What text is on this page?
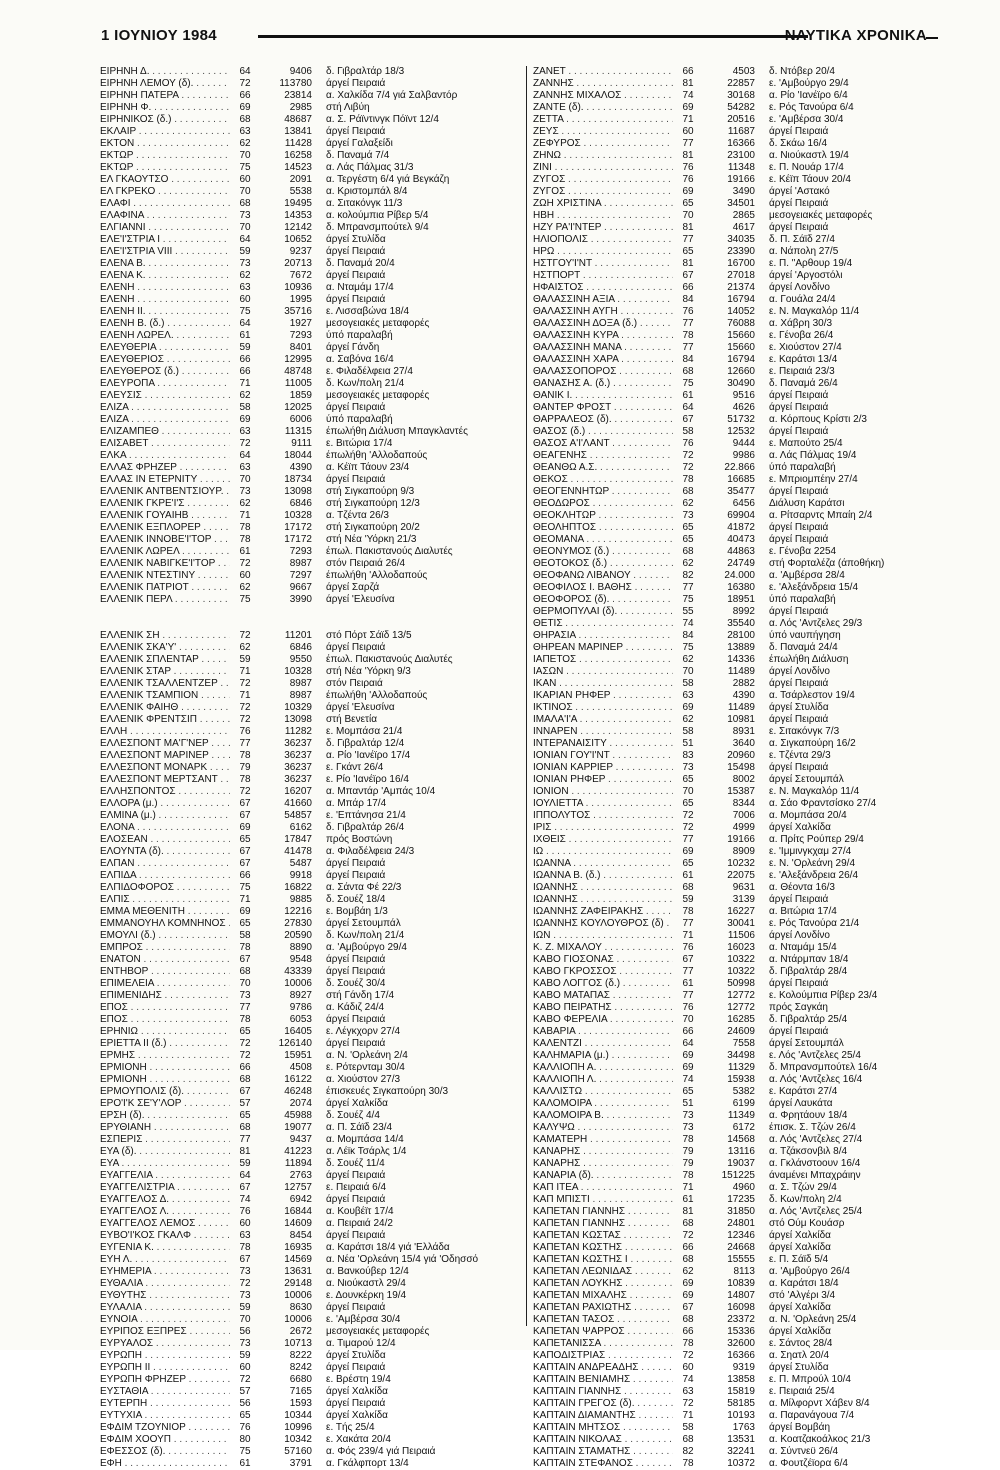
1 ΙΟΥΝΙΟΥ 1984	ΝΑΥΤΙΚΑ ΧΡΟΝΙΚΑ
ΕΙΡΗΝΗ Δ. . . .	64	9406	δ. Γιβραλτάρ 18/3
ΕΙΡΗΝΗ ΛΕΜΟΥ (δ). . . .	72	113780	άργεί Πειραιά
ΕΙΡΗΝΗ ΠΑΤΕΡΑ . . .	66	23814	α. Χαλκίδα 7/4 γιά Σαλβαντόρ
ΕΙΡΗΝΗ Φ. . . .	69	2985	στή Λιβύη
ΕΙΡΗΝΙΚΟΣ (δ.) . . .	68	48687	α. Σ. Ράϊντινγκ Πόϊντ 12/4
ΕΚΛΑΙΡ . . .	63	13841	άργεί Πειραιά
ΕΚΤΟΝ . . .	62	11428	άργεί Γαλαξείδι
ΕΚΤΩΡ . . .	70	16258	δ. Παναμά 7/4
ΕΚΤΩΡ . . .	75	14523	α. Λάς Πάλμας 31/3
ΕΛ ΓΚΑΟΥΤΣΟ . . .	60	2091	α. Τεργέστη 6/4 γιά Βεγκάζη
ΕΛ ΓΚΡΕΚΟ . . .	70	5538	α. Κριστομπάλ 8/4
ΕΛΑΦΙ . . .	68	19495	α. Σιτακόνγκ 11/3
ΕΛΑΦΙΝΑ . . .	73	14353	α. κολούμπια Ρίβερ 5/4
ΕΛΓΙΑΝΝΙ . . .	70	12142	δ. Μπρανσμπούτελ 9/4
ΕΛΕ'Ι'ΣΤΡΙΑ Ι . . .	64	10652	άργεί Στυλίδα
ΕΛΕ'Ι'ΣΤΡΙΑ VIII . . .	59	9237	άργεί Πειραιά
ΕΛΕΝΑ Β. . . .	73	20713	δ. Παναμά 20/4
ΕΛΕΝΑ Κ. . . .	62	7672	άργεί Πειραιά
ΕΛΕΝΗ . . .	63	10936	α. Νταμάμ 17/4
ΕΛΕΝΗ . . .	60	1995	άργεί Πειραιά
ΕΛΕΝΗ ΙΙ. . . .	75	35716	ε. Λισσαβώνα 18/4
ΕΛΕΝΗ Β. (δ.) . . .	64	1927	μεσογειακές μεταφορές
ΕΛΕΝΗ ΛΩΡΕΛ. . . .	61	7293	ύπό παραλαβή
ΕΛΕΥΘΕΡΙΑ . . .	59	8401	άργεί Γάνδη
ΕΛΕΥΘΕΡΙΟΣ . . .	66	12995	α. Σαβόνα 16/4
ΕΛΕΥΘΕΡΟΣ (δ.) . . .	66	48748	ε. Φιλαδέλφεια 27/4
ΕΛΕΥΡΟΠΑ . . .	71	11005	δ. Κων/πολη 21/4
ΕΛΕΥΣΙΣ . . .	62	1859	μεσογειακές μεταφορές
ΕΛΙΖΑ . . .	58	12025	άργεί Πειραιά
ΕΛΙΖΑ . . .	69	6006	ύπό παραλαβή
ΕΛΙΖΑΜΠΕΘ . . .	63	11315	έπωλήθη Διάλυση Μπαγκλαντές
ΕΛΙΣΑΒΕΤ . . .	72	9111	ε. Βιτώρια 17/4
ΕΛΚΑ . . .	64	18044	έπωλήθη 'Αλλοδαπούς
ΕΛΛΑΣ ΦΡΗΖΕΡ . . .	63	4390	α. Κέϊπ Τάουν 23/4
ΕΛΛΑΣ ΙΝ ΕΤΕΡΝΙΤΥ . . .	70	18734	άργεί Πειραιά
ΕΛΛΕΝΙΚ ΑΝΤΒΕΝΤΣΙΟΥΡ. . . .	73	13098	στή Σιγκαπούρη 9/3
ΕΛΛΕΝΙΚ ΓΚΡΕ'Ι'Σ . . .	62	6846	στή Σιγκαπούρη 12/3
ΕΛΛΕΝΙΚ ΓΟΥΑΙΗΒ . . .	71	10328	α. Τζέντα 26/3
ΕΛΛΕΝΙΚ ΕΞΠΛΟΡΕΡ . . .	78	17172	στή Σιγκαπούρη 20/2
ΕΛΛΕΝΙΚ ΙΝΝΟΒΕ'Ι'ΤΟΡ . . .	78	17172	στή Νέα 'Υόρκη 21/3
ΕΛΛΕΝΙΚ ΛΩΡΕΛ . . .	61	7293	έπωλ. Πακιστανούς Διαλυτές
ΕΛΛΕΝΙΚ ΝΑΒΙΓΚΕ'Ι'ΤΟΡ . . .	72	8987	στόν Πειραιά 26/4
ΕΛΛΕΝΙΚ ΝΤΕΣΤΙΝΥ . . .	60	7297	έπωλήθη 'Αλλοδαπούς
ΕΛΛΕΝΙΚ ΠΑΤΡΙΟΤ . . .	62	9667	άργεί Σαρζά
ΕΛΛΕΝΙΚ ΠΕΡΛ . . .	75	3990	άργεί 'Ελευσίνα
ΕΛΛΕΝΙΚ ΣΗ . . .	72	11201	στό Πόρτ Σάϊδ 13/5
ΕΛΛΕΝΙΚ ΣΚΑ'Υ' . . .	62	6846	άργεί Πειραιά
ΕΛΛΕΝΙΚ ΣΠΛΕΝΤΑΡ . . .	59	9550	έπωλ. Πακιστανούς Διαλυτές
ΕΛΛΕΝΙΚ ΣΤΑΡ . . .	71	10328	στή Νέα 'Υόρκη 9/3
ΕΛΛΕΝΙΚ ΤΣΑΛΛΕΝΤΖΕΡ . . .	72	8987	στόν Πειραιά
ΕΛΛΕΝΙΚ ΤΣΑΜΠΙΟΝ . . .	71	8987	έπωλήθη 'Αλλοδαπούς
ΕΛΛΕΝΙΚ ΦΑΙΗΘ . . .	72	10329	άργεί 'Ελευσίνα
ΕΛΛΕΝΙΚ ΦΡΕΝΤΣΙΠ . . .	72	13098	στή Βενετία
ΕΛΛΗ . . .	76	11282	ε. Μομπάσα 21/4
ΕΛΛΕΣΠΟΝΤ ΜΑ'Γ'ΝΕΡ . . .	77	36237	δ. Γιβραλτάρ 12/4
ΕΛΛΕΣΠΟΝΤ ΜΑΡΙΝΕΡ . . .	78	36237	α. Ρίο 'Ιανέϊρο 17/4
ΕΛΛΕΣΠΟΝΤ ΜΟΝΑΡΚ . . .	79	36237	ε. Γκάντ 26/4
ΕΛΛΕΣΠΟΝΤ ΜΕΡΤΣΑΝΤ . . .	78	36237	ε. Ρίο 'Ιανέϊρο 16/4
ΕΛΛΗΣΠΟΝΤΟΣ . . .	72	16207	α. Μπαντάρ 'Αμπάς 10/4
ΕΛΛΟΡΑ (μ.) . . .	67	41660	α. Μπάρ 17/4
ΕΛΜΙΝΑ (μ.) . . .	67	54857	ε. 'Επτάνησα 21/4
ΕΛΟΝΑ . . .	69	6162	δ. Γιβραλτάρ 26/4
ΕΛΟΣΕΑΝ . . .	65	17847	πρός Βοστώνη
ΕΛΟΥΝΤΑ (δ). . . .	67	41478	α. Φιλαδέλφεια 24/3
ΕΛΠΑΝ . . .	67	5487	άργεί Πειραιά
ΕΛΠΙΔΑ . . .	66	9918	άργεί Πειραιά
ΕΛΠΙΔΟΦΟΡΟΣ . . .	75	16822	α. Σάντα Φέ 22/3
ΕΛΠΙΣ . . .	71	9885	δ. Σουέζ 18/4
ΕΜΜΑ ΜΕΘΕΝΙΤΗ . . .	69	12216	ε. Βομβάη 1/3
ΕΜΜΑΝΟΥΗΛ ΚΟΜΝΗΝΟΣ . . .	65	27830	άργεί Σετουμπάλ
ΕΜΟΥΛΙ (δ.) . . .	58	20590	δ. Κων/πολη 21/4
ΕΜΠΡΟΣ . . .	78	8890	α. 'Αμβούργο 29/4
ΕΝΑΤΟΝ . . .	67	9548	άργεί Πειραιά
ΕΝΤΗΒΟΡ . . .	68	43339	άργεί Πειραιά
ΕΠΙΜΕΛΕΙΑ . . .	70	10006	δ. Σουέζ 30/4
ΕΠΙΜΕΝΙΔΗΣ . . .	73	8927	στή Γάνδη 17/4
ΕΠΟΣ . . .	77	9786	α. Κάδιζ 24/4
ΕΠΟΣ . . .	78	6053	άργεί Πειραιά
ΕΡΗΝΙΩ . . .	65	16405	ε. Λέγκχορν 27/4
ΕΡΙΕΤΤΑ ΙΙ (δ.) . . .	72	126140	άργεί Πειραιά
ΕΡΜΗΣ . . .	72	15951	α. Ν. 'Ορλεάνη 2/4
ΕΡΜΙΟΝΗ . . .	66	4508	ε. Ρότερνταμ 30/4
ΕΡΜΙΟΝΗ . . .	68	16122	α. Χιούστον 27/3
ΕΡΜΟΥΠΟΛΙΣ (δ). . . .	67	46248	έπισκευές Σιγκαπούρη 30/3
ΕΡΟ'Ι'Κ ΣΕ'Υ'ΛΟΡ . . .	57	2074	άργεί Χαλκίδα
ΕΡΣΗ (δ). . . .	65	45988	δ. Σουέζ 4/4
ΕΡΥΘΙΑΝΗ . . .	68	19077	α. Π. Σάϊδ 23/4
ΕΣΠΕΡΙΣ . . .	77	9437	α. Μομπάσα 14/4
ΕΥΑ (δ). . . .	81	41223	α. Λέϊκ Τσάρλς 1/4
ΕΥΑ . . .	59	11894	δ. Σουέζ 11/4
ΕΥΑΓΓΕΛΙΑ . . .	64	2763	άργεί Πειραιά
ΕΥΑΓΓΕΛΙΣΤΡΙΑ . . .	67	12757	ε. Πειραιά 6/4
ΕΥΑΓΓΕΛΟΣ Δ. . . .	74	6942	άργεί Πειραιά
ΕΥΑΓΓΕΛΟΣ Λ. . . .	76	16844	α. Κουβέϊτ 17/4
ΕΥΑΓΓΕΛΟΣ ΛΕΜΟΣ . . .	60	14609	α. Πειραιά 24/2
ΕΥΒΟ'Ι'ΚΟΣ ΓΚΑΛΦ . . .	63	8454	άργεί Πειραιά
ΕΥΓΕΝΙΑ Κ. . . .	78	16935	α. Καράτσι 18/4 γιά 'Ελλάδα
ΕΥΗ Λ. . . .	67	14569	α. Νέα 'Ορλεάνη 15/4 γιά 'Οδησσό
ΕΥΗΜΕΡΙΑ . . .	73	13631	α. Βανκούβερ 12/4
ΕΥΘΑΛΙΑ . . .	72	29148	α. Νιούκαστλ 29/4
ΕΥΘΥΤΗΣ . . .	73	10006	ε. Δουνκέρκη 19/4
ΕΥΛΑΛΙΑ . . .	59	8630	άργεί Πειραιά
ΕΥΝΟΙΑ . . .	70	10006	ε. 'Αμβέρσα 30/4
ΕΥΡΙΠΟΣ ΕΞΠΡΕΣ . . .	56	2672	μεσογειακές μεταφορές
ΕΥΡΥΑΛΟΣ . . .	73	10713	α. Τιμαρού 12/4
ΕΥΡΩΠΗ . . .	59	8222	άργεί Στυλίδα
ΕΥΡΩΠΗ ΙΙ . . .	60	8242	άργεί Πειραιά
ΕΥΡΩΠΗ ΦΡΗΖΕΡ . . .	72	6680	ε. Βρέστη 19/4
ΕΥΣΤΑΘΙΑ . . .	57	7165	άργεί Χαλκίδα
ΕΥΤΕΡΠΗ . . .	56	1593	άργεί Πειραιά
ΕΥΤΥΧΙΑ . . .	65	10344	άργεί Χαλκίδα
ΕΦΔΙΜ ΤΖΟΥΝΙΟΡ . . .	76	10996	ε. Τής 25/4
ΕΦΔΙΜ ΧΟΟΥΠ . . .	80	10342	ε. Χακάτα 20/4
ΕΦΕΣΣΟΣ (δ). . . .	75	57160	α. Φός 239/4 γιά Πειραιά
ΕΦΗ . . .	61	3791	α. Γκάλφπορτ 13/4
ΖΑΝΕΤ . . .	66	4503	δ. Ντόβερ 20/4
ΖΑΝΝΗΣ . . .	81	22857	ε. 'Αμβούργο 29/4
ΖΑΝΝΗΣ ΜΙΧΑΛΟΣ . . .	74	30168	α. Ρίο 'Ιανέϊρο 6/4
ΖΑΝΤΕ (δ). . . .	69	54282	ε. Ρός Τανούρα 6/4
ΖΕΤΤΑ . . .	71	20516	ε. 'Αμβέρσα 30/4
ΖΕΥΣ . . .	60	11687	άργεί Πειραιά
ΖΕΦΥΡΟΣ . . .	77	16366	δ. Σκάω 16/4
ΖΗΝΩ . . .	81	23100	α. Νιούκαστλ 19/4
ΖΙΝΙ . . .	76	11348	ε. Π. Νουάρ 17/4
ΖΥΓΟΣ . . .	76	19166	ε. Κέϊπ Τάουν 20/4
ΖΥΓΟΣ . . .	69	3490	άργεί 'Αστακό
ΖΩΗ ΧΡΙΣΤΙΝΑ . . .	65	34501	άργεί Πειραιά
ΗΒΗ . . .	70	2865	μεσογειακές μεταφορές
ΗΖΥ ΡΑ'Ι'ΝΤΕΡ . . .	81	4617	άργεί Πειραιά
ΗΛΙΟΠΟΛΙΣ . . .	77	34035	δ. Π. Σάϊδ 27/4
ΗΡΩ . . .	65	23390	α. Νάπολη 27/5
ΗΣΤΓΟΥ'Ι'ΝΤ . . .	81	16700	ε. Π. "Αρθουρ 19/4
ΗΣΤΠΟΡΤ . . .	67	27018	άργεί 'Αργοστόλι
ΗΦΑΙΣΤΟΣ . . .	66	21374	άργεί Λονδίνο
ΘΑΛΑΣΣΙΝΗ ΑΞΙΑ . . .	84	16794	α. Γουάλα 24/4
ΘΑΛΑΣΣΙΝΗ ΑΥΓΗ . . .	76	14052	ε. Ν. Μαγκαλόρ 11/4
ΘΑΛΑΣΣΙΝΗ ΔΟΞΑ (δ.) . . .	77	76088	α. Χάβρη 30/3
ΘΑΛΑΣΣΙΝΗ ΚΥΡΑ . . .	78	15660	ε. Γένοβα 26/4
ΘΑΛΑΣΣΙΝΗ ΜΑΝΑ . . .	77	15660	ε. Χιούστον 27/4
ΘΑΛΑΣΣΙΝΗ ΧΑΡΑ . . .	84	16794	ε. Καράτσι 13/4
ΘΑΛΑΣΣΟΠΟΡΟΣ . . .	68	12660	ε. Πειραιά 23/3
ΘΑΝΑΣΗΣ Α. (δ.) . . .	75	30490	δ. Παναμά 26/4
ΘΑΝΙΚ Ι. . . .	61	9516	άργεί Πειραιά
ΘΑΝΤΕΡ ΦΡΟΣΤ . . .	64	4626	άργεί Πειραιά
ΘΑΡΡΑΛΕΟΣ (δ). . . .	67	51732	α. Κόρπους Κρίστι 2/3
ΘΑΣΟΣ (δ.) . . .	58	12532	άργεί Πειραιά
ΘΑΣΟΣ Α'Ι'ΛΑΝΤ . . .	76	9444	ε. Μαπούτο 25/4
ΘΕΑΓΕΝΗΣ . . .	72	9986	α. Λάς Πάλμας 19/4
ΘΕΑΝΘΩ Α.Σ. . . .	72	22.866	ύπό παραλαβή
ΘΕΚΟΣ . . .	78	16685	ε. Μπριομπέην 27/4
ΘΕΟΓΕΝΝΗΤΩΡ . . .	68	35477	άργεί Πειραιά
ΘΕΟΔΩΡΟΣ . . .	62	6456	Διάλυση Καράτσι
ΘΕΟΚΛΗΤΩΡ . . .	73	69904	α. Ρίτσαρντς Μπαίη 2/4
ΘΕΟΛΗΠΤΟΣ . . .	65	41872	άργεί Πειραιά
ΘΕΟΜΑΝΑ . . .	65	40473	άργεί Πειραιά
ΘΕΟΝΥΜΟΣ (δ.) . . .	68	44863	ε. Γένοβα 2254
ΘΕΟΤΟΚΟΣ (δ.) . . .	62	24749	στή Φορταλέζα (άποθήκη)
ΘΕΟΦΑΝΩ ΛΙΒΑΝΟΥ . . .	82	24.000	α. 'Αμβέρσα 28/4
ΘΕΟΦΙΛΟΣ Ι. ΒΑΘΗΣ . . .	77	16380	ε. 'Αλεξάνδρεια 15/4
ΘΕΟΦΟΡΟΣ (δ). . . .	75	18951	ύπό παραλαβή
ΘΕΡΜΟΠΥΛΑΙ (δ). . . .	55	8992	άργεί Πειραιά
ΘΕΤΙΣ . . .	74	35540	α. Λός 'Αντζελες 29/3
ΘΗΡΑΣΙΑ . . .	84	28100	ύπό ναυπήγηση
ΘΗΡΕΑΝ ΜΑΡΙΝΕΡ . . .	75	13889	δ. Παναμά 24/4
ΙΑΠΕΤΟΣ . . .	62	14336	έπωλήθη Διάλυση
ΙΑΣΩΝ . . .	70	11489	άργεί Λονδίνο
ΙΚΑΝ . . .	58	2882	άργεί Πειραιά
ΙΚΑΡΙΑΝ ΡΗΦΕΡ . . .	63	4390	α. Τσάρλεστον 19/4
ΙΚΤΙΝΟΣ . . .	69	11489	άργεί Στυλίδα
ΙΜΑΛΑ'Ι'Α . . .	62	10981	άργεί Πειραιά
ΙΝΝΑΡΕΝ . . .	58	8931	ε. Σιτακόνγκ 7/3
ΙΝΤΕΡΑΝΑΙΣΙΤΥ . . .	51	3640	α. Σιγκαπούρη 16/2
ΙΟΝΙΑΝ ΓΟΥ'Ι'ΝΤ . . .	83	20960	ε. Τζέντα 29/3
ΙΟΝΙΑΝ ΚΑΡΡΙΕΡ . . .	73	15498	άργεί Πειραιά
ΙΟΝΙΑΝ ΡΗΦΕΡ . . .	65	8002	άργεί Σετουμπάλ
ΙΟΝΙΟΝ . . .	70	15387	ε. Ν. Μαγκαλόρ 11/4
ΙΟΥΛΙΕΤΤΑ . . .	65	8344	α. Σάο Φραντσίσκο 27/4
ΙΠΠΟΛΥΤΟΣ . . .	72	7006	α. Μομπάσα 20/4
ΙΡΙΣ . . .	72	4999	άργεί Χαλκίδα
ΙΧΘΕΙΣ . . .	77	19166	α. Πρίτς Ρούπερ 29/4
ΙΩ . . .	69	8909	ε. 'Ιμμινγκχαμ 27/4
ΙΩΑΝΝΑ . . .	65	10232	ε. Ν. 'Ορλεάνη 29/4
ΙΩΑΝΝΑ Β. (δ.) . . .	61	22075	ε. 'Αλεξάνδρεια 26/4
ΙΩΑΝΝΗΣ . . .	68	9631	α. Θέοντα 16/3
ΙΩΑΝΝΗΣ . . .	59	3139	άργεί Πειραιά
ΙΩΑΝΝΗΣ ΖΑΦΕΙΡΑΚΗΣ . . .	78	16227	α. Βιτώρια 17/4
ΙΩΑΝΝΗΣ ΚΟΥΛΟΥΘΡΟΣ (δ) . . .	77	30041	ε. Ρός Τανούρα 21/4
ΙΩΝ . . .	71	11506	άργεί Λονδίνο
Κ. Ζ. ΜΙΧΑΛΟΥ . . .	76	16023	α. Νταμάμ 15/4
ΚΑΒΟ ΓΙΟΣΟΝΑΣ . . .	67	10322	α. Ντάρμπαν 18/4
ΚΑΒΟ ΓΚΡΟΣΣΟΣ . . .	77	10322	δ. Γιβραλτάρ 28/4
ΚΑΒΟ ΛΟΓΓΟΣ (δ.) . . .	61	50998	άργεί Πειραιά
ΚΑΒΟ ΜΑΤΑΠΑΣ . . .	77	12772	ε. Κολούμπια Ρίβερ 23/4
ΚΑΒΟ ΠΕΙΡΑΤΗΣ . . .	76	12772	πρός Σαγκάη
ΚΑΒΟ ΦΕΡΕΛΙΑ . . .	70	16285	δ. Γιβραλτάρ 25/4
ΚΑΒΑΡΙΑ . . .	66	24609	άργεί Πειραιά
ΚΑΛΕΝΤΖΙ . . .	64	7558	άργεί Σετουμπάλ
ΚΑΛΗΜΑΡΙΑ (μ.) . . .	69	34498	ε. Λός 'Αντζελες 25/4
ΚΑΛΛΙΟΠΗ Α. . . .	69	11329	δ. Μπρανσμπούτελ 16/4
ΚΑΛΛΙΟΠΗ Λ. . . .	74	15938	α. Λός 'Αντζελες 16/4
ΚΑΛΛΙΣΤΩ . . .	65	5382	ε. Καράτσι 27/4
ΚΑΛΟΜΟΙΡΑ . . .	51	6199	άργεί Λαυκάτα
ΚΑΛΟΜΟΙΡΑ Β. . . .	73	11349	α. Φρητάουν 18/4
ΚΑΛΥΨΩ . . .	73	6172	έπισκ. Σ. Τζών 26/4
ΚΑΜΑΤΕΡΗ . . .	78	14568	α. Λός 'Αντζελες 27/4
ΚΑΝΑΡΗΣ . . .	79	13116	α. Τζάκσονβιλ 8/4
ΚΑΝΑΡΗΣ . . .	79	19037	α. Γκλάνστοουν 16/4
ΚΑΝΑΡΙΑ (δ). . . .	78	151225	άναμένει Μπαχράιην
ΚΑΠ ΙΤΕΑ . . .	71	4960	α. Σ. Τζών 29/4
ΚΑΠ ΜΠΙΣΤΙ . . .	61	17235	δ. Κων/πολη 2/4
ΚΑΠΕΤΑΝ ΓΙΑΝΝΗΣ . . .	81	31850	α. Λός 'Αντζελες 25/4
ΚΑΠΕΤΑΝ ΓΙΑΝΝΗΣ . . .	68	24801	στό Ούμ Κουάσρ
ΚΑΠΕΤΑΝ ΚΩΣΤΑΣ . . .	72	12346	άργεί Χαλκίδα
ΚΑΠΕΤΑΝ ΚΩΣΤΗΣ . . .	66	24668	άργεί Χαλκίδα
ΚΑΠΕΤΑΝ ΚΩΣΤΗΣ Ι . . .	68	15555	ε. Π. Σάϊδ 5/4
ΚΑΠΕΤΑΝ ΛΕΩΝΙΔΑΣ . . .	62	8113	α. 'Αμβούργο 26/4
ΚΑΠΕΤΑΝ ΛΟΥΚΗΣ . . .	69	10839	α. Καράτσι 18/4
ΚΑΠΕΤΑΝ ΜΙΧΑΛΗΣ . . .	69	14807	στό 'Αλγέρι 3/4
ΚΑΠΕΤΑΝ ΡΑΧΙΩΤΗΣ . . .	67	16098	άργεί Χαλκίδα
ΚΑΠΕΤΑΝ ΤΑΣΟΣ . . .	68	23372	α. Ν. 'Ορλεάνη 25/4
ΚΑΠΕΤΑΝ ΨΑΡΡΟΣ . . .	66	15336	άργεί Χαλκίδα
ΚΑΠΕΤΑΝΙΣΣΑ . . .	78	32600	ε. Σάντος 28/4
ΚΑΠΟΔΙΣΤΡΙΑΣ . . .	72	16366	α. Σηατλ 20/4
ΚΑΠΤΑΙΝ ΑΝΔΡΕΑΔΗΣ . . .	60	9319	άργεί Στυλίδα
ΚΑΠΤΑΙΝ ΒΕΝΙΑΜΗΣ . . .	74	13858	ε. Π. Μπρούλ 10/4
ΚΑΠΤΑΙΝ ΓΙΑΝΝΗΣ . . .	63	15819	ε. Πειραιά 25/4
ΚΑΠΤΑΙΝ ΓΡΕΓΟΣ (δ). . . .	72	58185	α. Μίλφορντ Χάβεν 8/4
ΚΑΠΤΑΙΝ ΔΙΑΜΑΝΤΗΣ . . .	71	10193	α. Παρανάγουα 7/4
ΚΑΠΤΑΙΝ ΜΗΤΣΟΣ . . .	58	1763	άργεί Βομβάη
ΚΑΠΤΑΙΝ ΝΙΚΟΛΑΣ . . .	68	13531	α. Κοατζακοάλκος 21/3
ΚΑΠΤΑΙΝ ΣΤΑΜΑΤΗΣ . . .	82	32241	α. Σύντνεϋ 26/4
ΚΑΠΤΑΙΝ ΣΤΕΦΑΝΟΣ . . .	78	10372	α. Φουτζέϊορα 6/4
